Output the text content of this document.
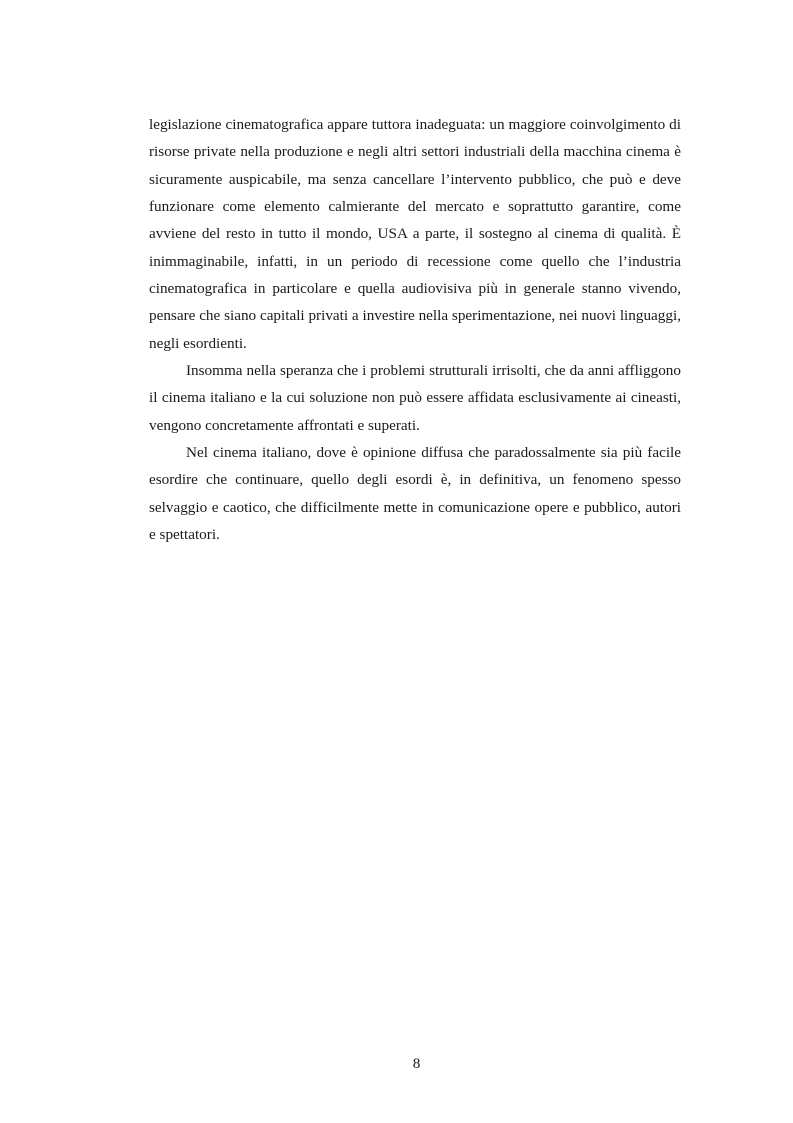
legislazione cinematografica appare tuttora inadeguata: un maggiore coinvolgimento di risorse private nella produzione e negli altri settori industriali della macchina cinema è sicuramente auspicabile, ma senza cancellare l’intervento pubblico, che può e deve funzionare come elemento calmierante del mercato e soprattutto garantire, come avviene del resto in tutto il mondo, USA a parte, il sostegno al cinema di qualità. È inimmaginabile, infatti, in un periodo di recessione come quello che l’industria cinematografica in particolare e quella audiovisiva più in generale stanno vivendo, pensare che siano capitali privati a investire nella sperimentazione, nei nuovi linguaggi, negli esordienti.

Insomma nella speranza che i problemi strutturali irrisolti, che da anni affliggono il cinema italiano e la cui soluzione non può essere affidata esclusivamente ai cineasti, vengono concretamente affrontati e superati.

Nel cinema italiano, dove è opinione diffusa che paradossalmente sia più facile esordire che continuare, quello degli esordi è, in definitiva, un fenomeno spesso selvaggio e caotico, che difficilmente mette in comunicazione opere e pubblico, autori e spettatori.

8
